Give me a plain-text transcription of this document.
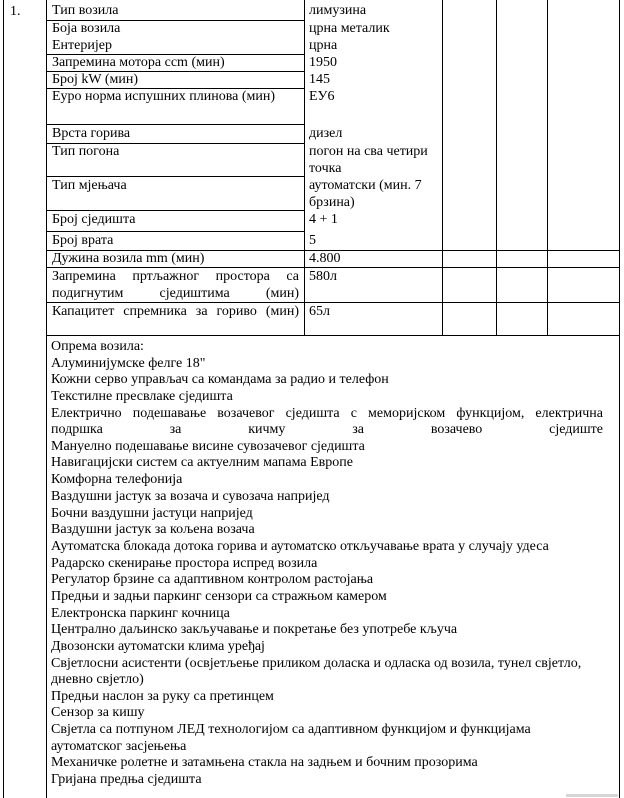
1. Тип возила
Боја возила
Ентеријер
Запремина мотора ccm (мин)
Број kW (мин)
Еуро норма испушних плинова (мин)
Врста горива
Тип погона
Тип мјењача
Број сједишта
Број врата
Дужина возила mm (мин)
Запремина пртљажног простора са подигнутим сједиштима (мин)
Капацитет спремника за гориво (мин)
лимузина
црна металик
црна
1950
145
ЕУ6
дизел
погон на сва четири точка
аутоматски (мин. 7 брзина)
4 + 1
5
4.800
580л
65л
Опрема возила:
Алуминијумске фелге 18"
Кожни серво управљач са командама за радио и телефон
Текстилне пресвлаке сједишта
Електрично подешавање возачевог сједишта с меморијском функцијом, електрична подршка за кичму за возачево сједиште
Мануелно подешавање висине сувозачевог сједишта
Навигацијски систем са актуелним мапама Европе
Комфорна телефонија
Ваздушни јастук за возача и сувозача напријед
Бочни ваздушни јастуци напријед
Ваздушни јастук за кољена возача
Аутоматска блокада дотока горива и аутоматско откључавање врата у случају удеса
Радарско скенирање простора испред возила
Регулатор брзине са адаптивном контролом растојања
Предњи и задњи паркинг сензори са стражњом камером
Електронска паркинг кочница
Централно даљинско закључавање и покретање без употребе кључа
Двозонски аутоматски клима уређај
Свјетлосни асистенти (освјетљење приликом доласка и одласка од возила, тунел свјетло, дневно свјетло)
Предњи наслон за руку са претинцем
Сензор за кишу
Свјетла са потпуном ЛЕД технологијом са адаптивном функцијом и функцијама аутоматског засјењења
Механичке ролетне и затамњена стакла на задњем и бочним прозорима
Гријана предња сједишта
